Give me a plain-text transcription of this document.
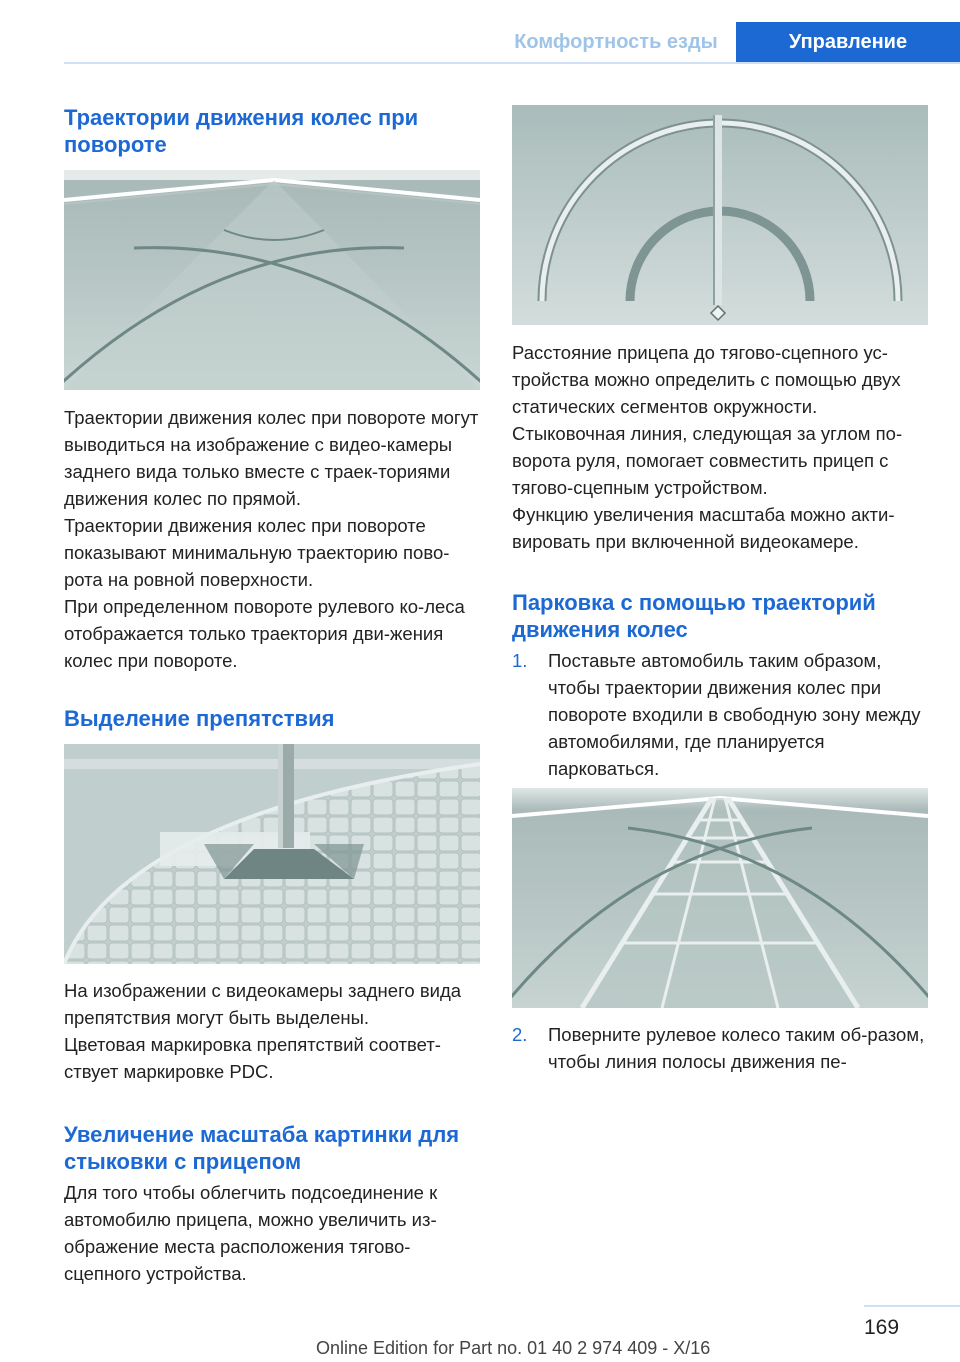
Комфортность езды	Управление
Траектории движения колес при повороте

Траектории движения колес при повороте могут выводиться на изображение с видео-камеры заднего вида только вместе с траек-ториями движения колес по прямой.

Траектории движения колес при повороте показывают минимальную траекторию пово-рота на ровной поверхности.

При определенном повороте рулевого ко-леса отображается только траектория дви-жения колес при повороте.

Выделение препятствия

На изображении с видеокамеры заднего вида препятствия могут быть выделены.

Цветовая маркировка препятствий соответ-ствует маркировке PDC.

Увеличение масштаба картинки для стыковки с прицепом

Для того чтобы облегчить подсоединение к автомобилю прицепа, можно увеличить из-ображение места расположения тягово-сцепного устройства.

Расстояние прицепа до тягово-сцепного ус-тройства можно определить с помощью двух статических сегментов окружности.

Стыковочная линия, следующая за углом по-ворота руля, помогает совместить прицеп с тягово-сцепным устройством.

Функцию увеличения масштаба можно акти-вировать при включенной видеокамере.

Парковка с помощью траекторий движения колес
1. Поставьте автомобиль таким образом, чтобы траектории движения колес при повороте входили в свободную зону между автомобилями, где планируется парковаться.
2. Поверните рулевое колесо таким об-разом, чтобы линия полосы движения пе-
169
Online Edition for Part no. 01 40 2 974 409 - X/16
